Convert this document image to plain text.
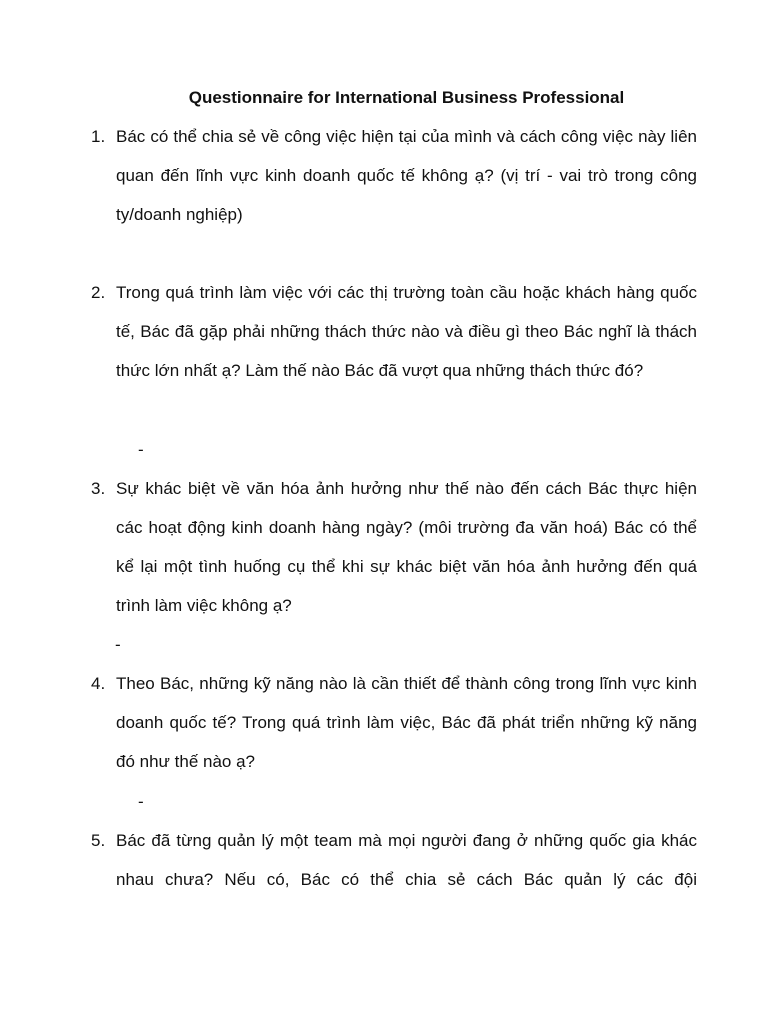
Questionnaire for International Business Professional
1. Bác có thể chia sẻ về công việc hiện tại của mình và cách công việc này liên quan đến lĩnh vực kinh doanh quốc tế không ạ? (vị trí - vai trò trong công ty/doanh nghiệp)
2. Trong quá trình làm việc với các thị trường toàn cầu hoặc khách hàng quốc tế, Bác đã gặp phải những thách thức nào và điều gì theo Bác nghĩ là thách thức lớn nhất ạ? Làm thế nào Bác đã vượt qua những thách thức đó?
-
3. Sự khác biệt về văn hóa ảnh hưởng như thế nào đến cách Bác thực hiện các hoạt động kinh doanh hàng ngày? (môi trường đa văn hoá) Bác có thể kể lại một tình huống cụ thể khi sự khác biệt văn hóa ảnh hưởng đến quá trình làm việc không ạ?
-
4. Theo Bác, những kỹ năng nào là cần thiết để thành công trong lĩnh vực kinh doanh quốc tế? Trong quá trình làm việc, Bác đã phát triển những kỹ năng đó như thế nào ạ?
-
5. Bác đã từng quản lý một team mà mọi người đang ở những quốc gia khác nhau chưa? Nếu có, Bác có thể chia sẻ cách Bác quản lý các đội
